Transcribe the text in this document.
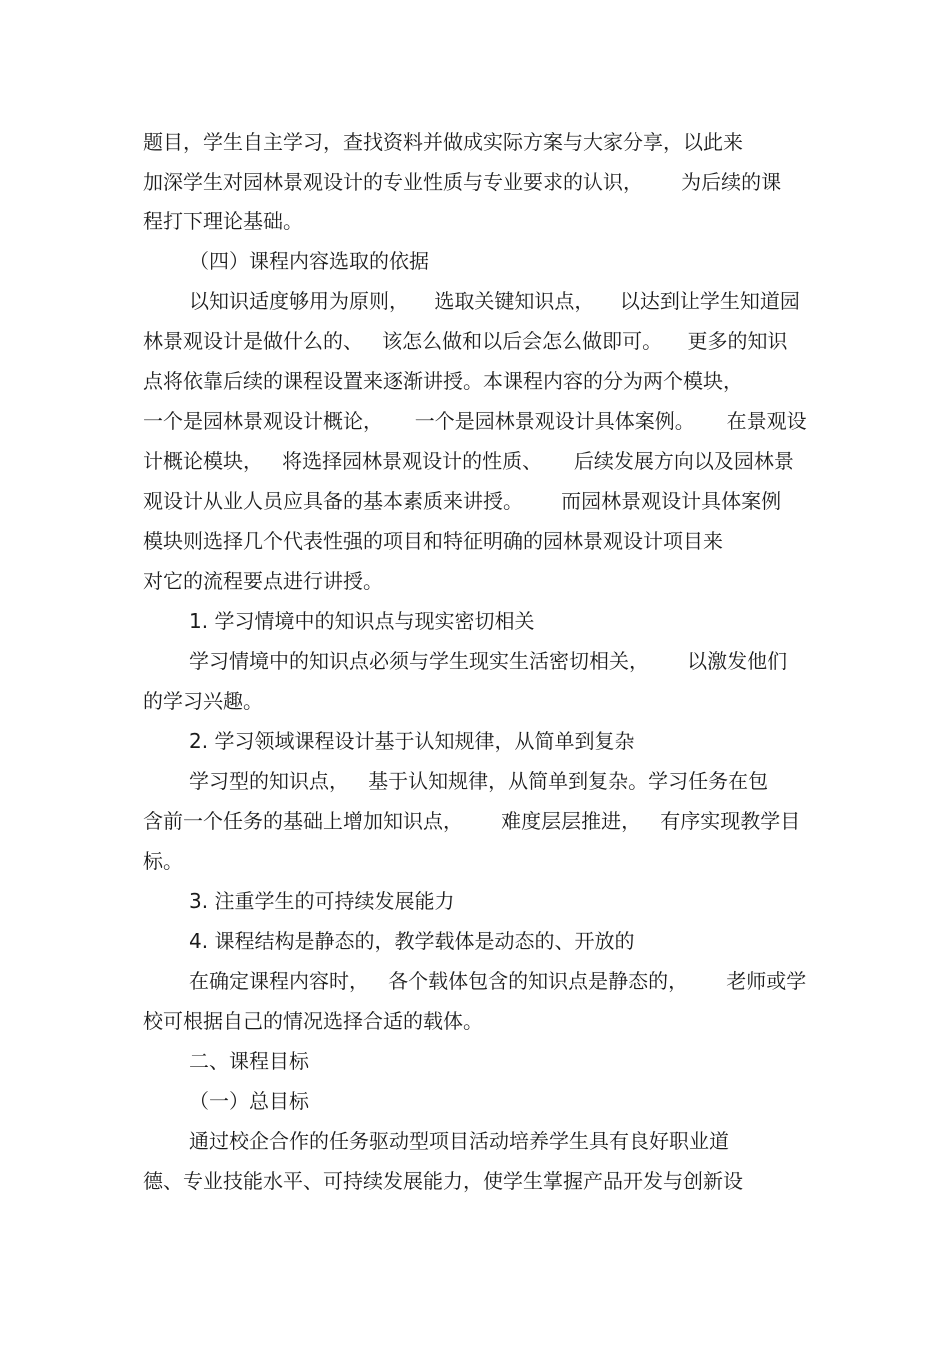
题目，学生自主学习，查找资料并做成实际方案与大家分享，以此来
加深学生对园林景观设计的专业性质与专业要求的认识，      为后续的课
程打下理论基础。
（四）课程内容选取的依据
以知识适度够用为原则，    选取关键知识点，    以达到让学生知道园
林景观设计是做什么的、   该怎么做和以后会怎么做即可。    更多的知识
点将依靠后续的课程设置来逐渐讲授。本课程内容的分为两个模块，
一个是园林景观设计概论，     一个是园林景观设计具体案例。     在景观设
计概论模块，   将选择园林景观设计的性质、     后续发展方向以及园林景
观设计从业人员应具备的基本素质来讲授。      而园林景观设计具体案例
模块则选择几个代表性强的项目和特征明确的园林景观设计项目来
对它的流程要点进行讲授。
1. 学习情境中的知识点与现实密切相关
学习情境中的知识点必须与学生现实生活密切相关，      以激发他们
的学习兴趣。
2. 学习领域课程设计基于认知规律，从简单到复杂
学习型的知识点，   基于认知规律，从简单到复杂。学习任务在包
含前一个任务的基础上增加知识点，      难度层层推进，   有序实现教学目
标。
3. 注重学生的可持续发展能力
4. 课程结构是静态的，教学载体是动态的、开放的
在确定课程内容时，   各个载体包含的知识点是静态的，      老师或学
校可根据自己的情况选择合适的载体。
二、课程目标
（一）总目标
通过校企合作的任务驱动型项目活动培养学生具有良好职业道
德、专业技能水平、可持续发展能力，使学生掌握产品开发与创新设
